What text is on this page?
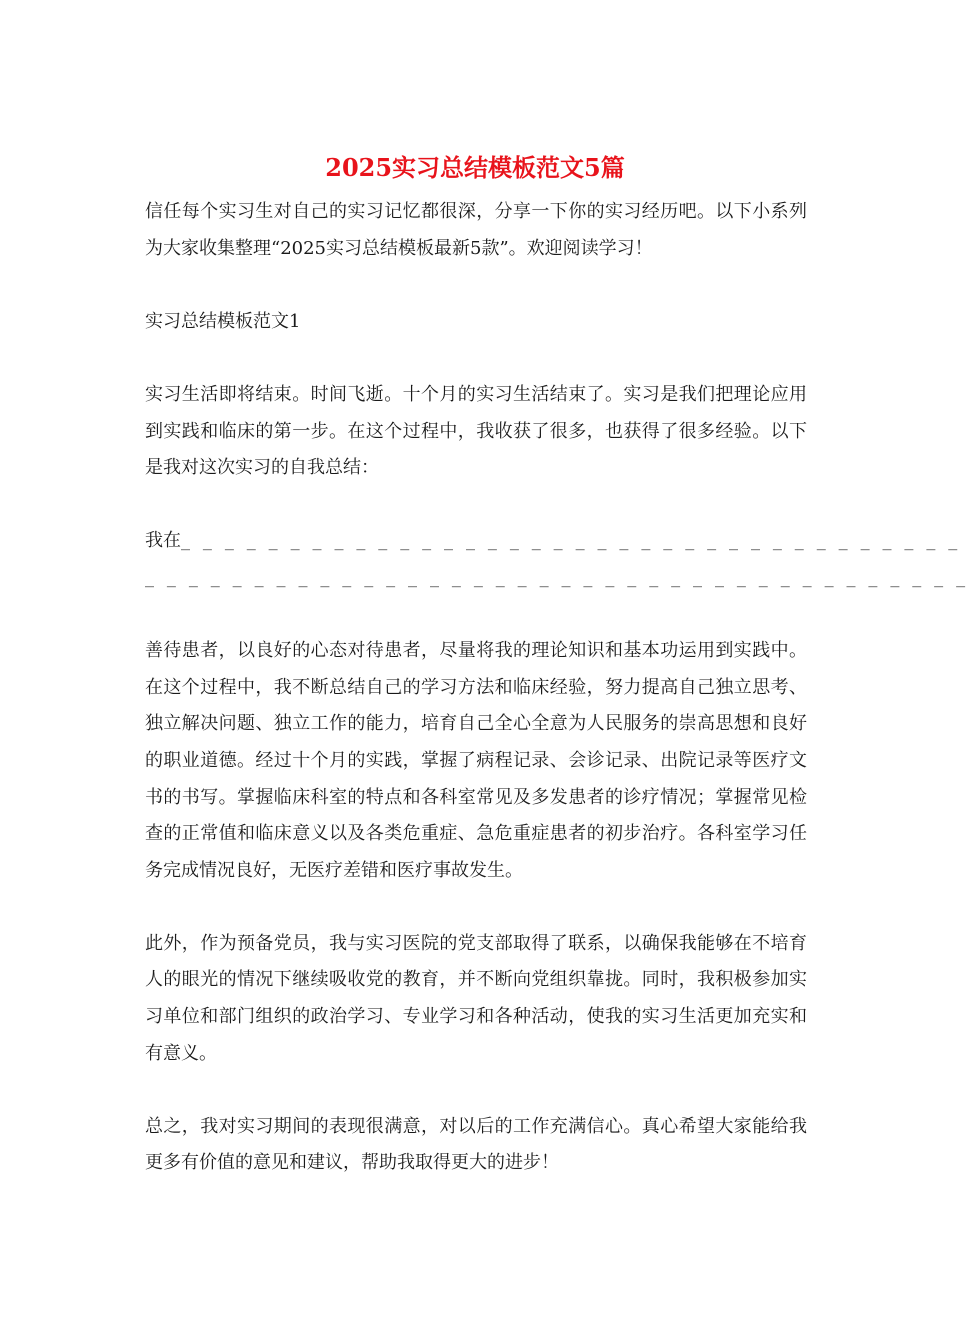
2025实习总结模板范文5篇

信任每个实习生对自己的实习记忆都很深，分享一下你的实习经历吧。以下小系列为大家收集整理“2025实习总结模板最新5款”。欢迎阅读学习！

实习总结模板范文1

实习生活即将结束。时间飞逝。十个月的实习生活结束了。实习是我们把理论应用到实践和临床的第一步。在这个过程中，我收获了很多，也获得了很多经验。以下是我对这次实习的自我总结：

我在_ _ _ _ _ _ _ _ _ _ _ _ _ _ _ _ _ _ _ _ _ _ _ _ _ _ _ _ _ _ _ _ _ _ _ _

_ _ _ _ _ _ _ _ _ _ _ _ _ _ _ _ _ _ _ _ _ _ _ _ _ _ _ _ _ _ _ _ _ _ _ _ _ _

善待患者，以良好的心态对待患者，尽量将我的理论知识和基本功运用到实践中。在这个过程中，我不断总结自己的学习方法和临床经验，努力提高自己独立思考、独立解决问题、独立工作的能力，培育自己全心全意为人民服务的崇高思想和良好的职业道德。经过十个月的实践，掌握了病程记录、会诊记录、出院记录等医疗文书的书写。掌握临床科室的特点和各科室常见及多发患者的诊疗情况；掌握常见检查的正常值和临床意义以及各类危重症、急危重症患者的初步治疗。各科室学习任务完成情况良好，无医疗差错和医疗事故发生。

此外，作为预备党员，我与实习医院的党支部取得了联系，以确保我能够在不培育人的眼光的情况下继续吸收党的教育，并不断向党组织靠拢。同时，我积极参加实习单位和部门组织的政治学习、专业学习和各种活动，使我的实习生活更加充实和有意义。

总之，我对实习期间的表现很满意，对以后的工作充满信心。真心希望大家能给我更多有价值的意见和建议，帮助我取得更大的进步！
